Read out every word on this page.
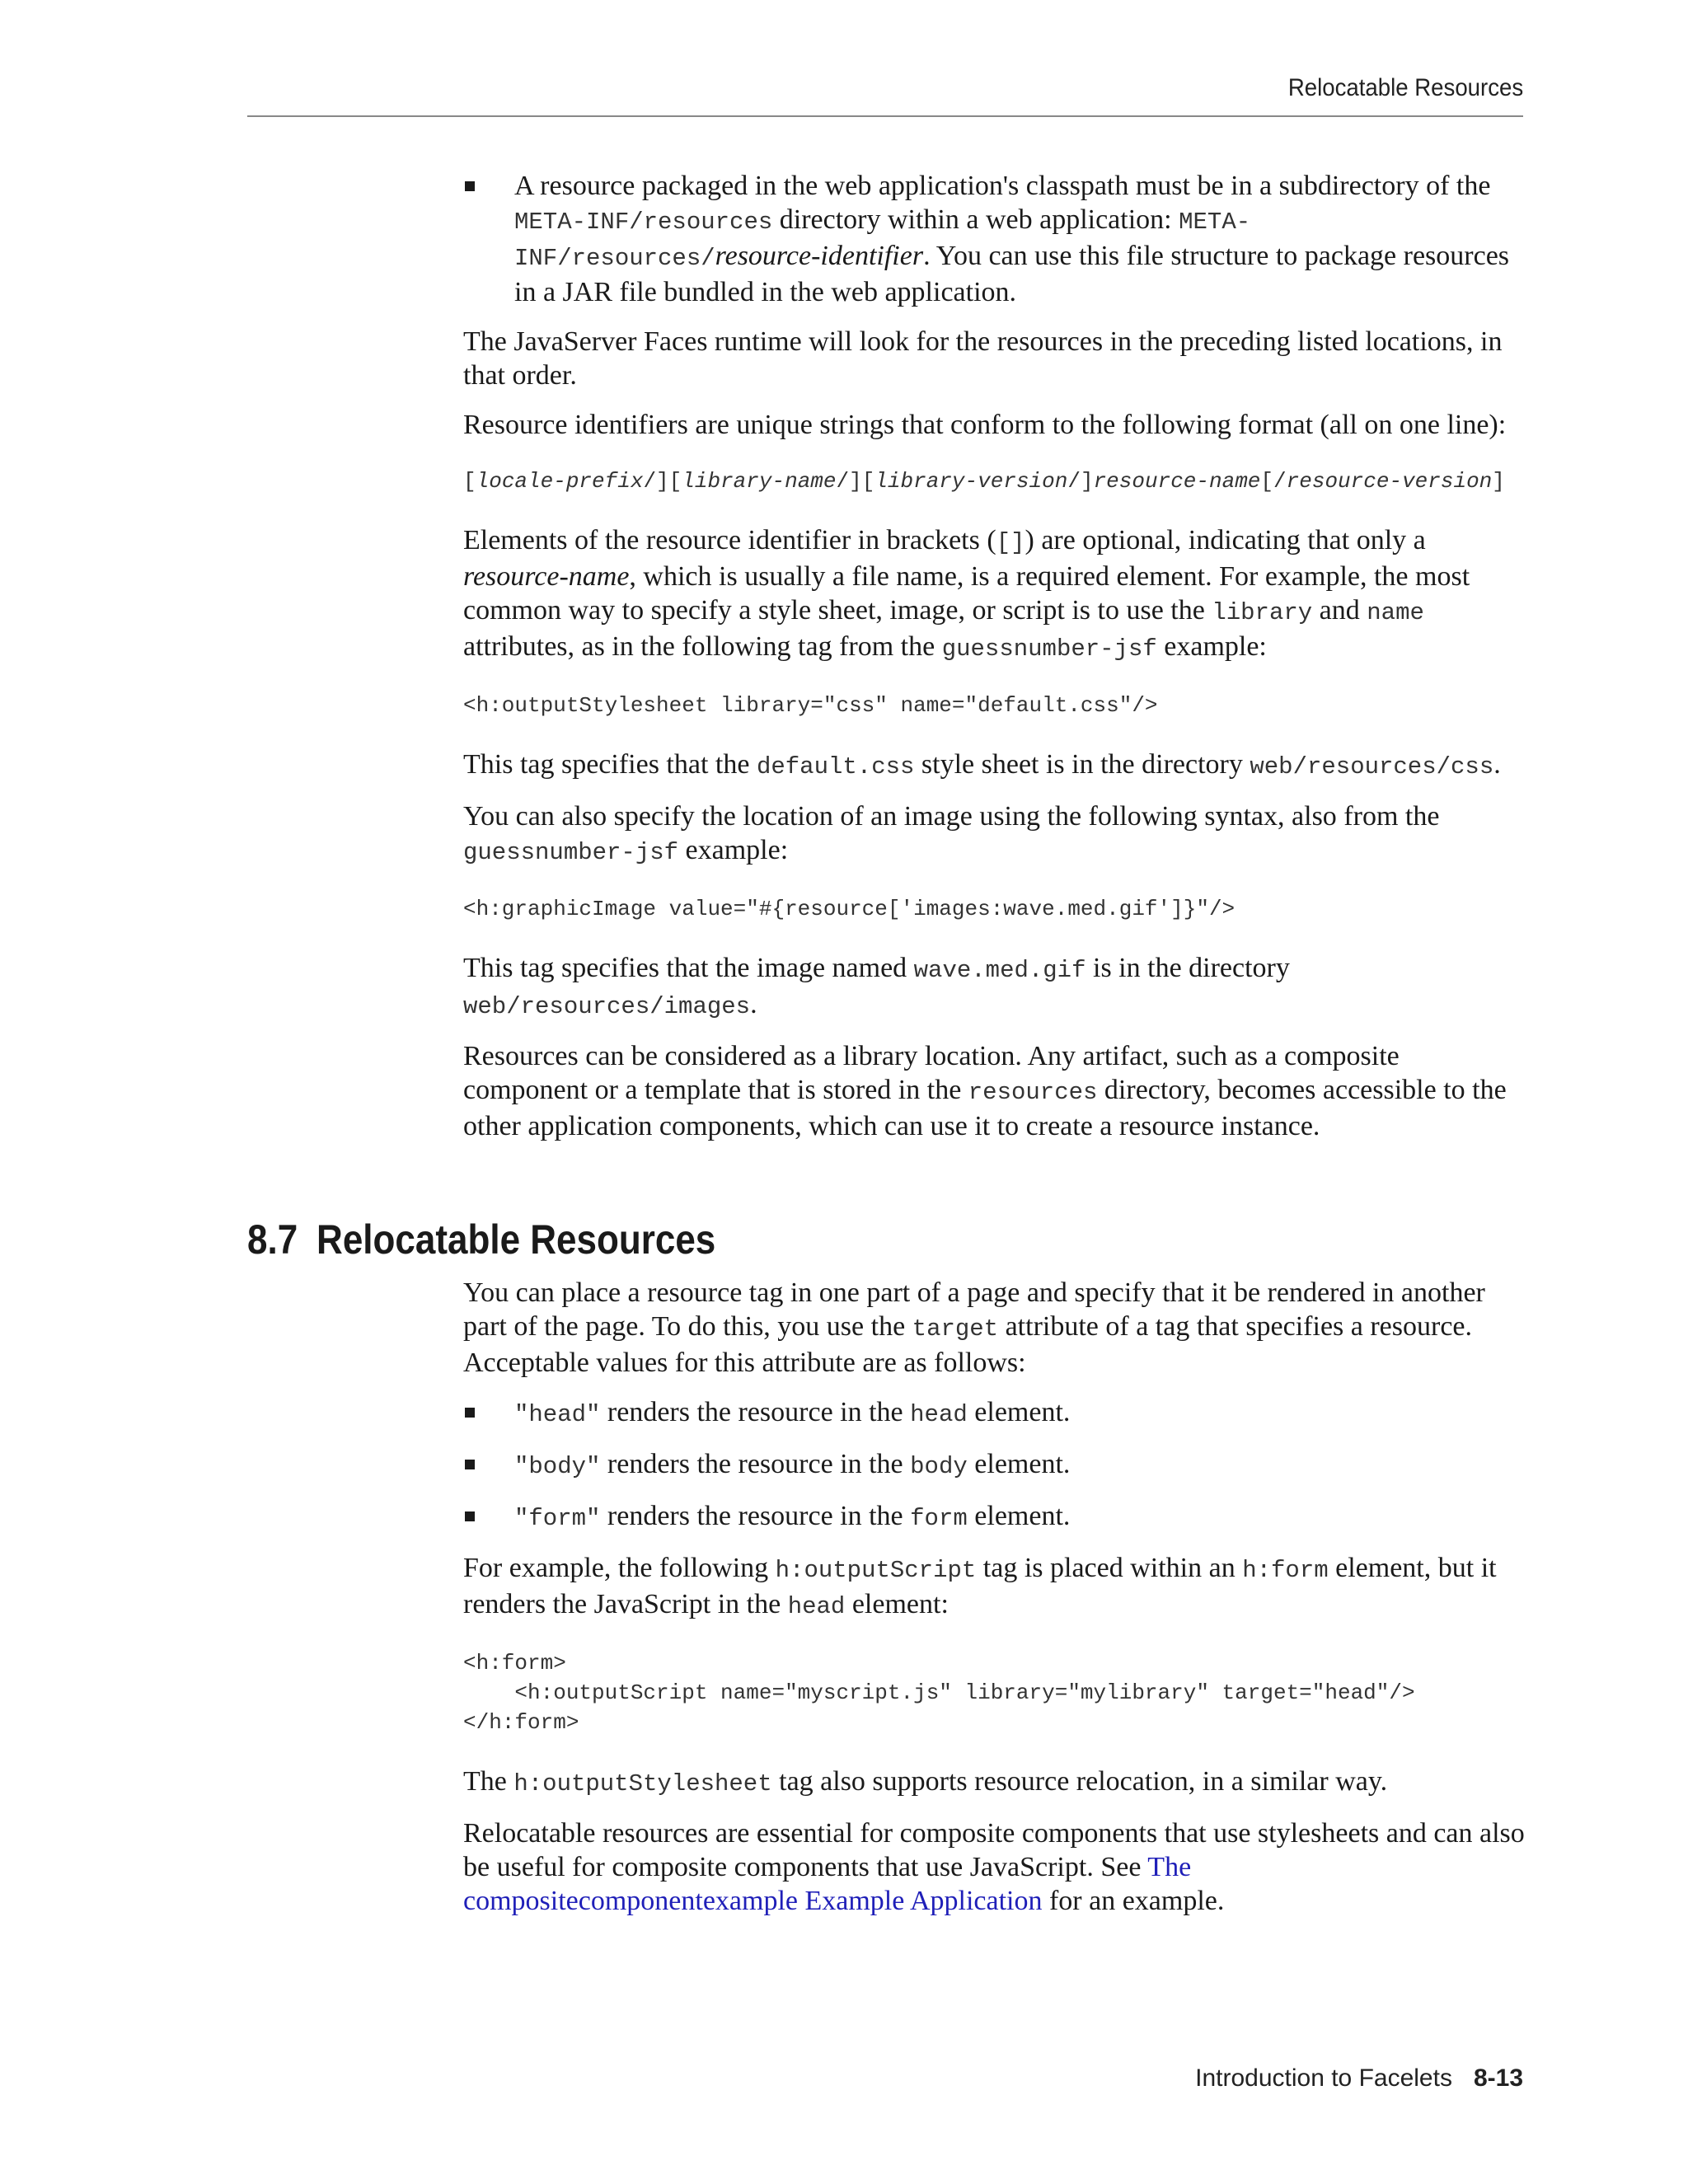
Relocatable Resources
A resource packaged in the web application's classpath must be in a subdirectory of the META-INF/resources directory within a web application: META-INF/resources/resource-identifier. You can use this file structure to package resources in a JAR file bundled in the web application.

The JavaServer Faces runtime will look for the resources in the preceding listed locations, in that order.

Resource identifiers are unique strings that conform to the following format (all on one line):

[locale-prefix/][library-name/][library-version/]resource-name[/resource-version]

Elements of the resource identifier in brackets ([]) are optional, indicating that only a resource-name, which is usually a file name, is a required element. For example, the most common way to specify a style sheet, image, or script is to use the library and name attributes, as in the following tag from the guessnumber-jsf example:

<h:outputStylesheet library="css" name="default.css"/>

This tag specifies that the default.css style sheet is in the directory web/resources/css.

You can also specify the location of an image using the following syntax, also from the guessnumber-jsf example:

<h:graphicImage value="#{resource['images:wave.med.gif']}"/>

This tag specifies that the image named wave.med.gif is in the directory web/resources/images.

Resources can be considered as a library location. Any artifact, such as a composite component or a template that is stored in the resources directory, becomes accessible to the other application components, which can use it to create a resource instance.

8.7 Relocatable Resources

You can place a resource tag in one part of a page and specify that it be rendered in another part of the page. To do this, you use the target attribute of a tag that specifies a resource. Acceptable values for this attribute are as follows:

"head" renders the resource in the head element.
"body" renders the resource in the body element.
"form" renders the resource in the form element.

For example, the following h:outputScript tag is placed within an h:form element, but it renders the JavaScript in the head element:

<h:form>
<h:outputScript name="myscript.js" library="mylibrary" target="head"/>
</h:form>

The h:outputStylesheet tag also supports resource relocation, in a similar way.

Relocatable resources are essential for composite components that use stylesheets and can also be useful for composite components that use JavaScript. See The compositecomponentexample Example Application for an example.

Introduction to Facelets 8-13
